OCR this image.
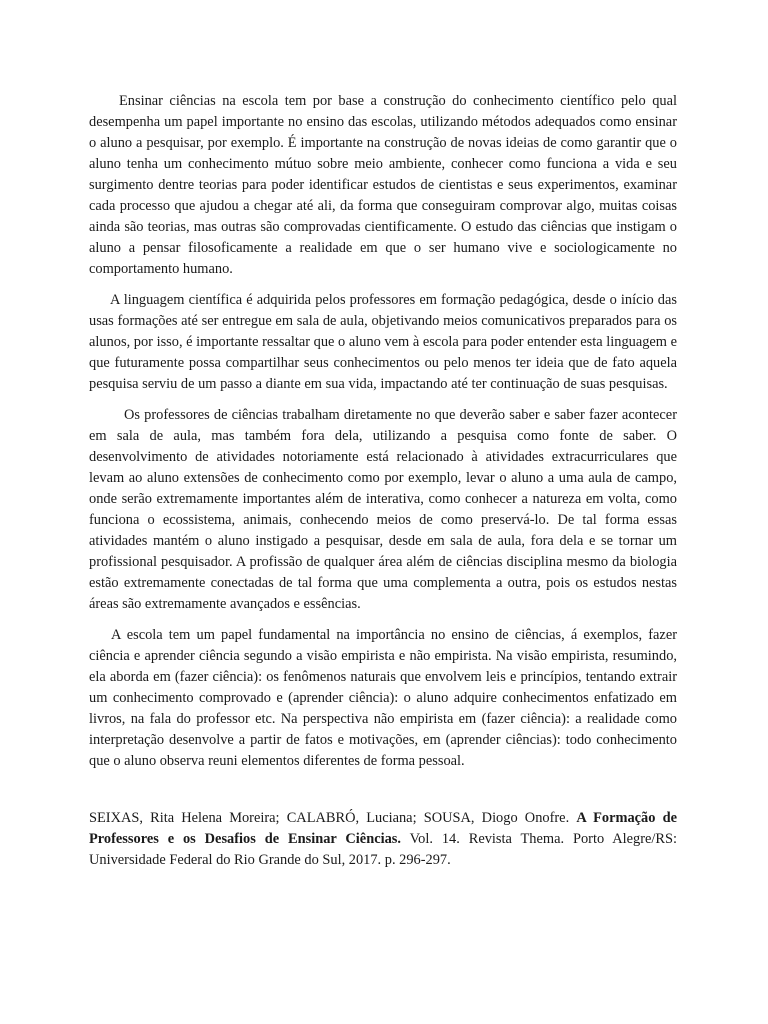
Ensinar ciências na escola tem por base a construção do conhecimento científico pelo qual desempenha um papel importante no ensino das escolas, utilizando métodos adequados como ensinar o aluno a pesquisar, por exemplo. É importante na construção de novas ideias de como garantir que o aluno tenha um conhecimento mútuo sobre meio ambiente, conhecer como funciona a vida e seu surgimento dentre teorias para poder identificar estudos de cientistas e seus experimentos, examinar cada processo que ajudou a chegar até ali, da forma que conseguiram comprovar algo, muitas coisas ainda são teorias, mas outras são comprovadas cientificamente. O estudo das ciências que instigam o aluno a pensar filosoficamente a realidade em que o ser humano vive e sociologicamente no comportamento humano.

A linguagem científica é adquirida pelos professores em formação pedagógica, desde o início das usas formações até ser entregue em sala de aula, objetivando meios comunicativos preparados para os alunos, por isso, é importante ressaltar que o aluno vem à escola para poder entender esta linguagem e que futuramente possa compartilhar seus conhecimentos ou pelo menos ter ideia que de fato aquela pesquisa serviu de um passo a diante em sua vida, impactando até ter continuação de suas pesquisas.

Os professores de ciências trabalham diretamente no que deverão saber e saber fazer acontecer em sala de aula, mas também fora dela, utilizando a pesquisa como fonte de saber. O desenvolvimento de atividades notoriamente está relacionado à atividades extracurriculares que levam ao aluno extensões de conhecimento como por exemplo, levar o aluno a uma aula de campo, onde serão extremamente importantes além de interativa, como conhecer a natureza em volta, como funciona o ecossistema, animais, conhecendo meios de como preservá-lo. De tal forma essas atividades mantém o aluno instigado a pesquisar, desde em sala de aula, fora dela e se tornar um profissional pesquisador. A profissão de qualquer área além de ciências disciplina mesmo da biologia estão extremamente conectadas de tal forma que uma complementa a outra, pois os estudos nestas áreas são extremamente avançados e essências.

A escola tem um papel fundamental na importância no ensino de ciências, á exemplos, fazer ciência e aprender ciência segundo a visão empirista e não empirista. Na visão empirista, resumindo, ela aborda em (fazer ciência): os fenômenos naturais que envolvem leis e princípios, tentando extrair um conhecimento comprovado e (aprender ciência): o aluno adquire conhecimentos enfatizado em livros, na fala do professor etc. Na perspectiva não empirista em (fazer ciência): a realidade como interpretação desenvolve a partir de fatos e motivações, em (aprender ciências): todo conhecimento que o aluno observa reuni elementos diferentes de forma pessoal.

SEIXAS, Rita Helena Moreira; CALABRÓ, Luciana; SOUSA, Diogo Onofre. A Formação de Professores e os Desafios de Ensinar Ciências. Vol. 14. Revista Thema. Porto Alegre/RS: Universidade Federal do Rio Grande do Sul, 2017. p. 296-297.
